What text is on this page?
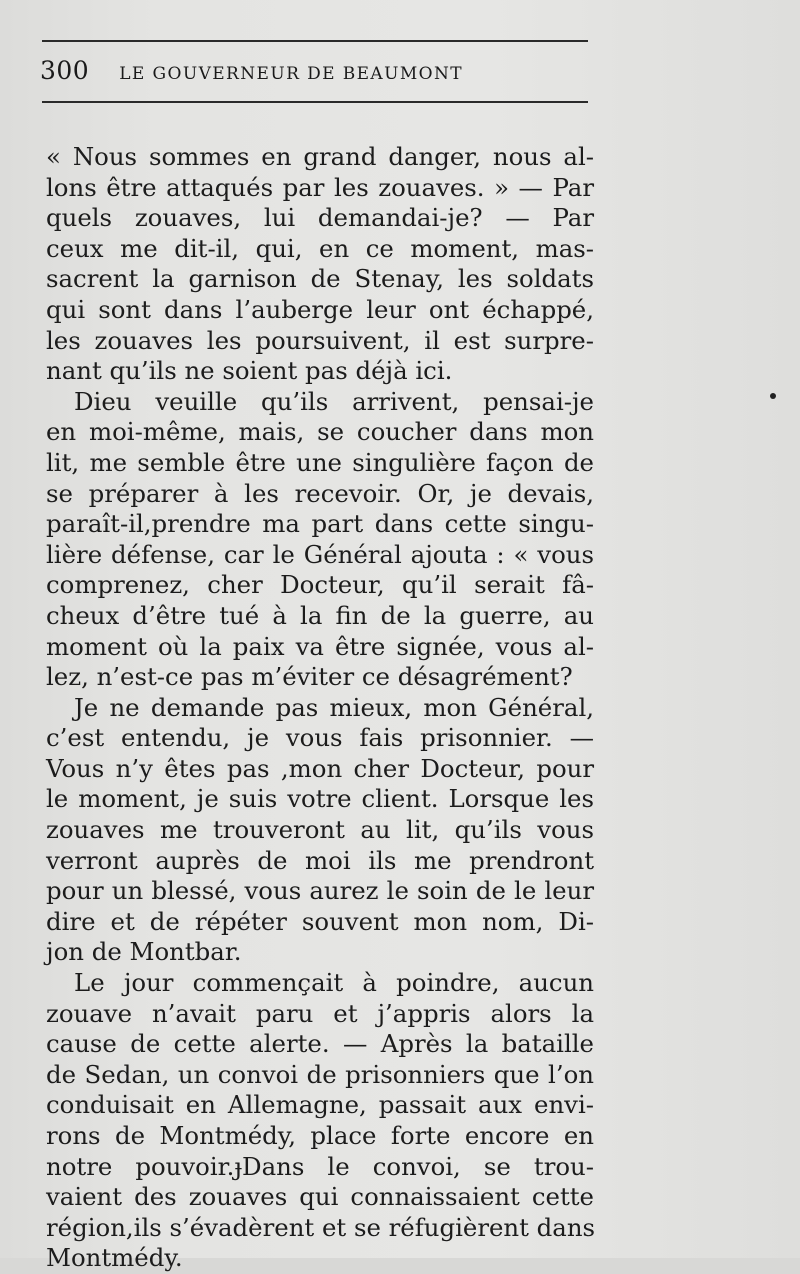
300 LE GOUVERNEUR DE BEAUMONT
« Nous sommes en grand danger, nous al-
lons être attaqués par les zouaves. » — Par
quels zouaves, lui demandai-je? — Par
ceux me dit-il, qui, en ce moment, mas-
sacrent la garnison de Stenay, les soldats
qui sont dans l’auberge leur ont échappé,
les zouaves les poursuivent, il est surpre-
nant qu’ils ne soient pas déjà ici.
Dieu veuille qu’ils arrivent, pensai-je
en moi-même, mais, se coucher dans mon
lit, me semble être une singulière façon de
se préparer à les recevoir. Or, je devais,
paraît-il,prendre ma part dans cette singu-
lière défense, car le Général ajouta : « vous
comprenez, cher Docteur, qu’il serait fâ-
cheux d’être tué à la fin de la guerre, au
moment où la paix va être signée, vous al-
lez, n’est-ce pas m’éviter ce désagrément?
Je ne demande pas mieux, mon Général,
c’est entendu, je vous fais prisonnier. —
Vous n’y êtes pas ,mon cher Docteur, pour
le moment, je suis votre client. Lorsque les
zouaves me trouveront au lit, qu’ils vous
verront auprès de moi ils me prendront
pour un blessé, vous aurez le soin de le leur
dire et de répéter souvent mon nom, Di-
jon de Montbar.
Le jour commençait à poindre, aucun
zouave n’avait paru et j’appris alors la
cause de cette alerte. — Après la bataille
de Sedan, un convoi de prisonniers que l’on
conduisait en Allemagne, passait aux envi-
rons de Montmédy, place forte encore en
notre pouvoir.ɟDans le convoi, se trou-
vaient des zouaves qui connaissaient cette
région,ils s’évadèrent et se réfugièrent dans
Montmédy.
